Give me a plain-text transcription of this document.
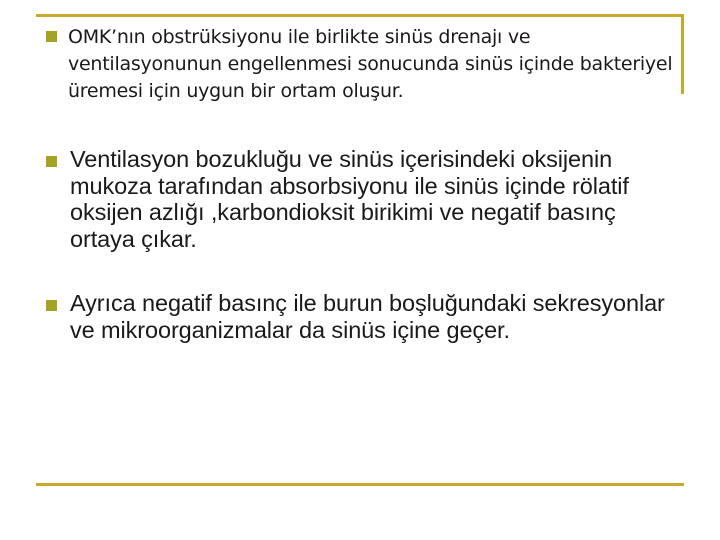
OMK’nın obstrüksiyonu ile birlikte sinüs drenajı ve ventilasyonunun engellenmesi sonucunda sinüs içinde bakteriyel üremesi için uygun bir ortam oluşur.

Ventilasyon bozukluğu ve sinüs içerisindeki oksijenin mukoza tarafından absorbsiyonu ile sinüs içinde rölatif oksijen azlığı ,karbondioksit birikimi ve negatif basınç ortaya çıkar.

Ayrıca negatif basınç ile burun boşluğundaki sekresyonlar ve mikroorganizmalar da sinüs içine geçer.
